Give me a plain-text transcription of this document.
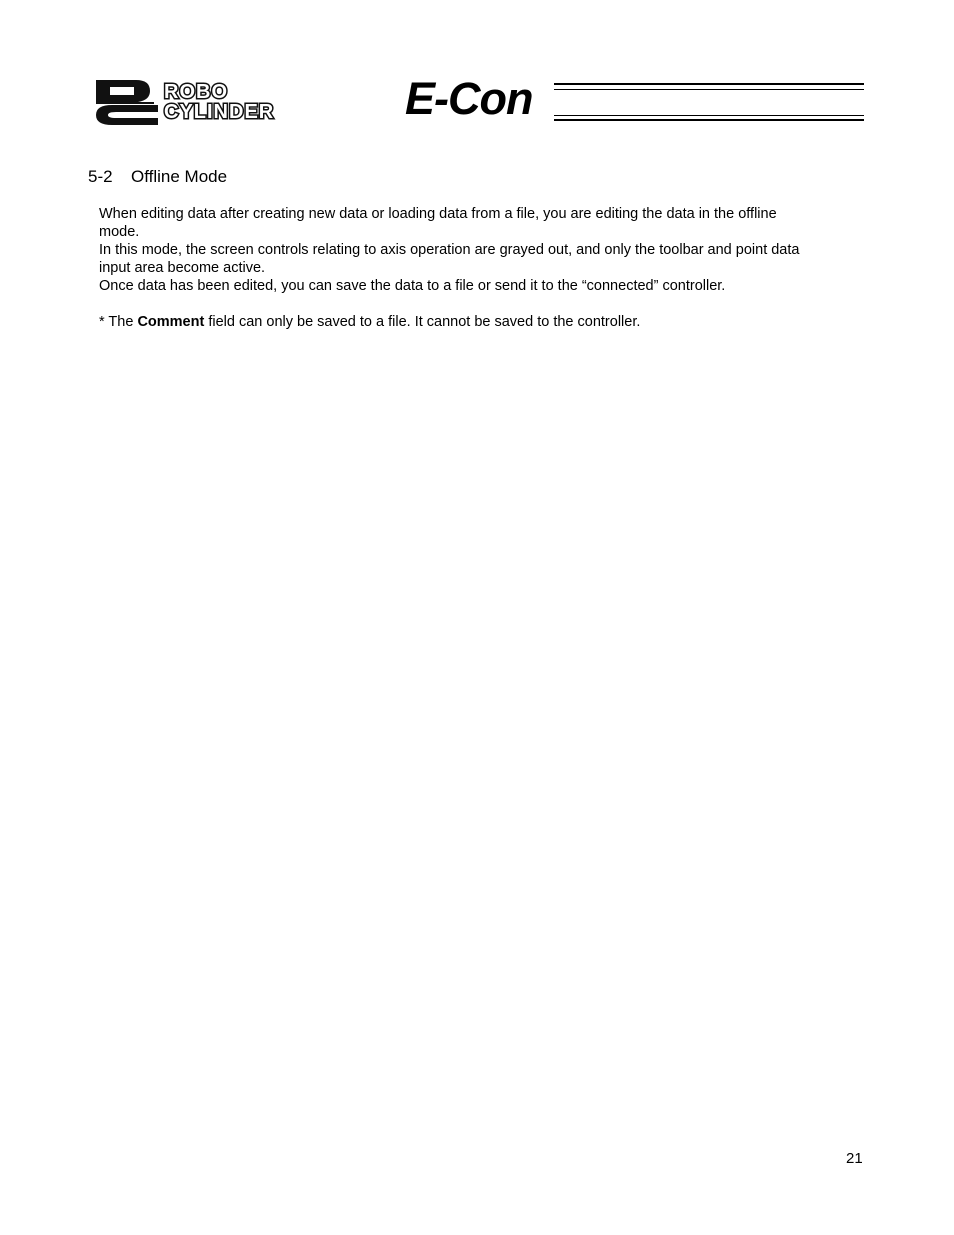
ROBO
CYLINDER	E-Con
5-2 Offline Mode

When editing data after creating new data or loading data from a file, you are editing the data in the offline

mode.

In this mode, the screen controls relating to axis operation are grayed out, and only the toolbar and point data

input area become active.

Once data has been edited, you can save the data to a file or send it to the “connected” controller.

* The Comment field can only be saved to a file. It cannot be saved to the controller.
21
